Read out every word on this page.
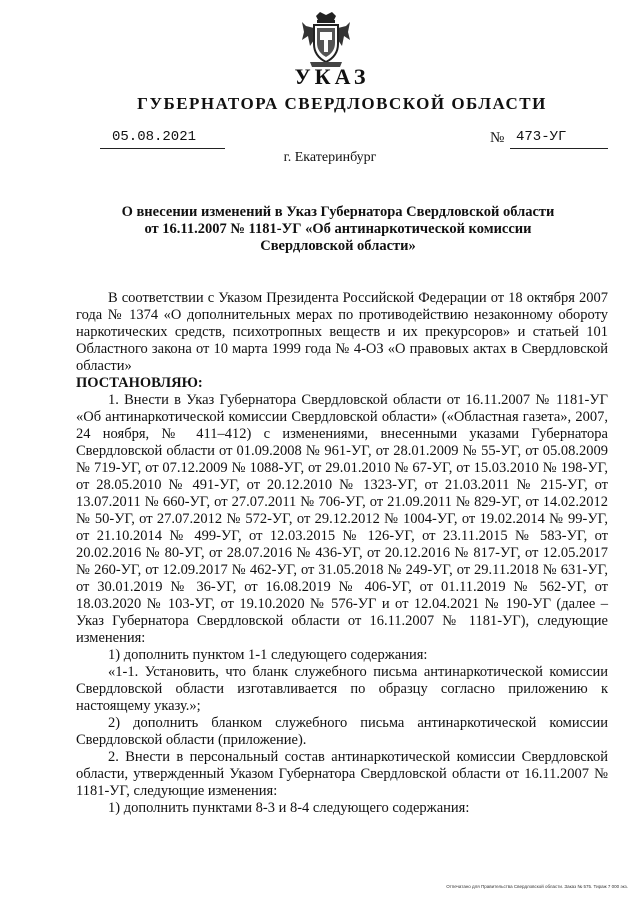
УКАЗ
ГУБЕРНАТОРА СВЕРДЛОВСКОЙ ОБЛАСТИ
05.08.2021	№ 473-УГ
г. Екатеринбург
О внесении изменений в Указ Губернатора Свердловской области
от 16.11.2007 № 1181-УГ «Об антинаркотической комиссии
Свердловской области»

В соответствии с Указом Президента Российской Федерации от 18 октября 2007 года № 1374 «О дополнительных мерах по противодействию незаконному обороту наркотических средств, психотропных веществ и их прекурсоров» и статьей 101 Областного закона от 10 марта 1999 года № 4-ОЗ «О правовых актах в Свердловской области»

ПОСТАНОВЛЯЮ:

1. Внести в Указ Губернатора Свердловской области от 16.11.2007 № 1181-УГ «Об антинаркотической комиссии Свердловской области» («Областная газета», 2007, 24 ноября, № 411–412) с изменениями, внесенными указами Губернатора Свердловской области от 01.09.2008 № 961-УГ, от 28.01.2009 № 55-УГ, от 05.08.2009 № 719-УГ, от 07.12.2009 № 1088-УГ, от 29.01.2010 № 67-УГ, от 15.03.2010 № 198-УГ, от 28.05.2010 № 491-УГ, от 20.12.2010 № 1323-УГ, от 21.03.2011 № 215-УГ, от 13.07.2011 № 660-УГ, от 27.07.2011 № 706-УГ, от 21.09.2011 № 829-УГ, от 14.02.2012 № 50-УГ, от 27.07.2012 № 572-УГ, от 29.12.2012 № 1004-УГ, от 19.02.2014 № 99-УГ, от 21.10.2014 № 499-УГ, от 12.03.2015 № 126-УГ, от 23.11.2015 № 583-УГ, от 20.02.2016 № 80-УГ, от 28.07.2016 № 436-УГ, от 20.12.2016 № 817-УГ, от 12.05.2017 № 260-УГ, от 12.09.2017 № 462-УГ, от 31.05.2018 № 249-УГ, от 29.11.2018 № 631-УГ, от 30.01.2019 № 36-УГ, от 16.08.2019 № 406-УГ, от 01.11.2019 № 562-УГ, от 18.03.2020 № 103-УГ, от 19.10.2020 № 576-УГ и от 12.04.2021 № 190-УГ (далее – Указ Губернатора Свердловской области от 16.11.2007 № 1181-УГ), следующие изменения:

1) дополнить пунктом 1-1 следующего содержания:

«1-1. Установить, что бланк служебного письма антинаркотической комиссии Свердловской области изготавливается по образцу согласно приложению к настоящему указу.»;

2) дополнить бланком служебного письма антинаркотической комиссии Свердловской области (приложение).

2. Внести в персональный состав антинаркотической комиссии Свердловской области, утвержденный Указом Губернатора Свердловской области от 16.11.2007 № 1181-УГ, следующие изменения:

1) дополнить пунктами 8-3 и 8-4 следующего содержания:

Отпечатано для Правительства Свердловской области. Заказ № 575. Тираж 7 000 экз.
